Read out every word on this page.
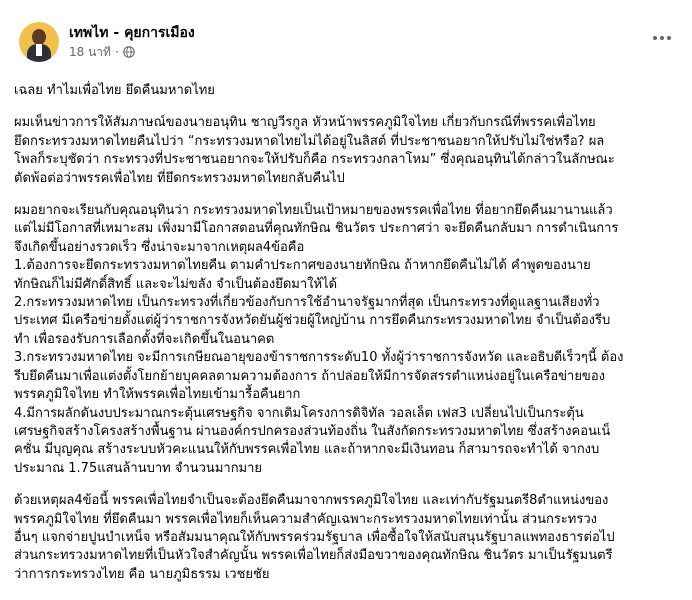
เทพไท - คุยการเมือง
18 นาที ·

เฉลย ทำไมเพื่อไทย ยึดคืนมหาดไทย

ผมเห็นข่าวการให้สัมภาษณ์ของนายอนุทิน ชาญวีรกูล หัวหน้าพรรคภูมิใจไทย เกี่ยวกับกรณีที่พรรคเพื่อไทย
ยึดกระทรวงมหาดไทยคืนไปว่า “กระทรวงมหาดไทยไม่ได้อยู่ในลิสต์ ที่ประชาชนอยากให้ปรับไม่ใช่หรือ? ผล
โพลก็ระบุชัดว่า กระทรวงที่ประชาชนอยากจะให้ปรับก็คือ กระทรวงกลาโหม” ซึ่งคุณอนุทินได้กล่าวในลักษณะ
ตัดพ้อต่อว่าพรรคเพื่อไทย ที่ยึดกระทรวงมหาดไทยกลับคืนไป

ผมอยากจะเรียนกับคุณอนุทินว่า กระทรวงมหาดไทยเป็นเป้าหมายของพรรคเพื่อไทย ที่อยากยึดคืนมานานแล้ว
แต่ไม่มีโอกาสที่เหมาะสม เพิ่งมามีโอกาสตอนที่คุณทักษิณ ชินวัตร ประกาศว่า จะยึดคืนกลับมา การดำเนินการ
จึงเกิดขึ้นอย่างรวดเร็ว ซึ่งน่าจะมาจากเหตุผล4ข้อคือ
1.ต้องการจะยึดกระทรวงมหาดไทยคืน ตามคำประกาศของนายทักษิณ ถ้าหากยึดคืนไม่ได้ คำพูดของนาย
ทักษิณก็ไม่มีศักดิ์สิทธิ์ และจะไม่ขลัง จำเป็นต้องยึดมาให้ได้
2.กระทรวงมหาดไทย เป็นกระทรวงที่เกี่ยวข้องกับการใช้อำนาจรัฐมากที่สุด เป็นกระทรวงที่ดูแลฐานเสียงทั่ว
ประเทศ มีเครือข่ายตั้งแต่ผู้ว่าราชการจังหวัดยันผู้ช่วยผู้ใหญ่บ้าน การยึดคืนกระทรวงมหาดไทย จำเป็นต้องรีบ
ทำ เพื่อรองรับการเลือกตั้งที่จะเกิดขึ้นในอนาคต
3.กระทรวงมหาดไทย จะมีการเกษียณอายุของข้าราชการระดับ10 ทั้งผู้ว่าราชการจังหวัด และอธิบดีเร็วๆนี้ ต้อง
รีบยึดคืนมาเพื่อแต่งตั้งโยกย้ายบุคคลตามความต้องการ ถ้าปล่อยให้มีการจัดสรรตำแหน่งอยู่ในเครือข่ายของ
พรรคภูมิใจไทย ทำให้พรรคเพื่อไทยเข้ามารื้อคืนยาก
4.มีการผลักดันงบประมาณกระตุ้นเศรษฐกิจ จากเดิมโครงการดิจิทัล วอลเล็ต เฟส3 เปลี่ยนไปเป็นกระตุ้น
เศรษฐกิจสร้างโครงสร้างพื้นฐาน ผ่านองค์กรปกครองส่วนท้องถิ่น ในสังกัดกระทรวงมหาดไทย ซึ่งสร้างคอนเน็
คชั่น มีบุญคุณ สร้างระบบหัวคะแนนให้กับพรรคเพื่อไทย และถ้าหากจะมีเงินทอน ก็สามารถจะทำได้ จากงบ
ประมาณ 1.75แสนล้านบาท จำนวนมากมาย

ด้วยเหตุผล4ข้อนี้ พรรคเพื่อไทยจำเป็นจะต้องยึดคืนมาจากพรรคภูมิใจไทย และเท่ากับรัฐมนตรี8ตำแหน่งของ
พรรคภูมิใจไทย ที่ยึดคืนมา พรรคเพื่อไทยก็เห็นความสำคัญเฉพาะกระทรวงมหาดไทยเท่านั้น ส่วนกระทรวง
อื่นๆ แจกจ่ายปูนบำเหน็จ หรือสัมมนาคุณให้กับพรรคร่วมรัฐบาล เพื่อซื้อใจให้สนับสนุนรัฐบาลแพทองธารต่อไป
ส่วนกระทรวงมหาดไทยที่เป็นหัวใจสำคัญนั้น พรรคเพื่อไทยก็ส่งมือขวาของคุณทักษิณ ชินวัตร มาเป็นรัฐมนตรี
ว่าการกระทรวงไทย คือ นายภูมิธรรม เวชยชัย
